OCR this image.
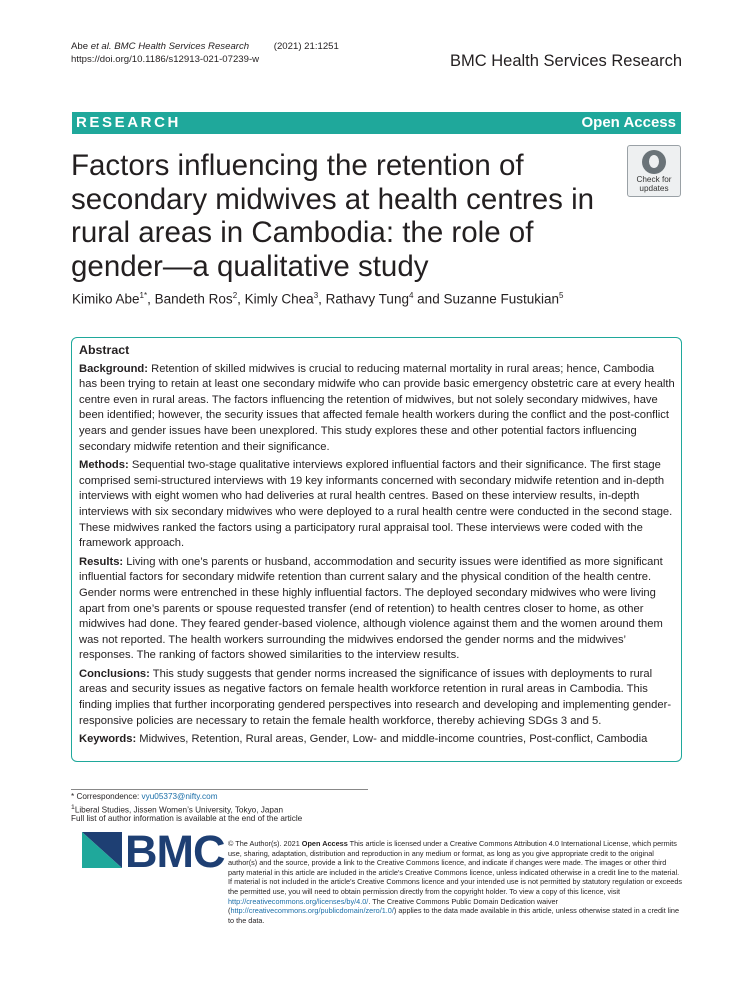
Abe et al. BMC Health Services Research	(2021) 21:1251
https://doi.org/10.1186/s12913-021-07239-w	BMC Health Services Research
RESEARCH	Open Access
Factors influencing the retention of secondary midwives at health centres in rural areas in Cambodia: the role of gender—a qualitative study
Check for
updates
Kimiko Abe$^{1*}$, Bandeth Ros$^2$, Kimly Chea$^3$, Rathavy Tung$^4$ and Suzanne Fustukian$^5$
Abstract

Background: Retention of skilled midwives is crucial to reducing maternal mortality in rural areas; hence, Cambodia has been trying to retain at least one secondary midwife who can provide basic emergency obstetric care at every health centre even in rural areas. The factors influencing the retention of midwives, but not solely secondary midwives, have been identified; however, the security issues that affected female health workers during the conflict and the post-conflict years and gender issues have been unexplored. This study explores these and other potential factors influencing secondary midwife retention and their significance.

Methods: Sequential two-stage qualitative interviews explored influential factors and their significance. The first stage comprised semi-structured interviews with 19 key informants concerned with secondary midwife retention and in-depth interviews with eight women who had deliveries at rural health centres. Based on these interview results, in-depth interviews with six secondary midwives who were deployed to a rural health centre were conducted in the second stage. These midwives ranked the factors using a participatory rural appraisal tool. These interviews were coded with the framework approach.

Results: Living with one’s parents or husband, accommodation and security issues were identified as more significant influential factors for secondary midwife retention than current salary and the physical condition of the health centre. Gender norms were entrenched in these highly influential factors. The deployed secondary midwives who were living apart from one’s parents or spouse requested transfer (end of retention) to health centres closer to home, as other midwives had done. They feared gender-based violence, although violence against them and the women around them was not reported. The health workers surrounding the midwives endorsed the gender norms and the midwives’ responses. The ranking of factors showed similarities to the interview results.

Conclusions: This study suggests that gender norms increased the significance of issues with deployments to rural areas and security issues as negative factors on female health workforce retention in rural areas in Cambodia. This finding implies that further incorporating gendered perspectives into research and developing and implementing gender-responsive policies are necessary to retain the female health workforce, thereby achieving SDGs 3 and 5.

Keywords: Midwives, Retention, Rural areas, Gender, Low- and middle-income countries, Post-conflict, Cambodia

* Correspondence: vyu05373@nifty.com
$^1$Liberal Studies, Jissen Women’s University, Tokyo, Japan
Full list of author information is available at the end of the article
BMC © The Author(s). 2021 Open Access This article is licensed under a Creative Commons Attribution 4.0 International License, which permits use, sharing, adaptation, distribution and reproduction in any medium or format, as long as you give appropriate credit to the original author(s) and the source, provide a link to the Creative Commons licence, and indicate if changes were made. The images or other third party material in this article are included in the article's Creative Commons licence, unless indicated otherwise in a credit line to the material. If material is not included in the article's Creative Commons licence and your intended use is not permitted by statutory regulation or exceeds the permitted use, you will need to obtain permission directly from the copyright holder. To view a copy of this licence, visit http://creativecommons.org/licenses/by/4.0/. The Creative Commons Public Domain Dedication waiver (http://creativecommons.org/publicdomain/zero/1.0/) applies to the data made available in this article, unless otherwise stated in a credit line to the data.
